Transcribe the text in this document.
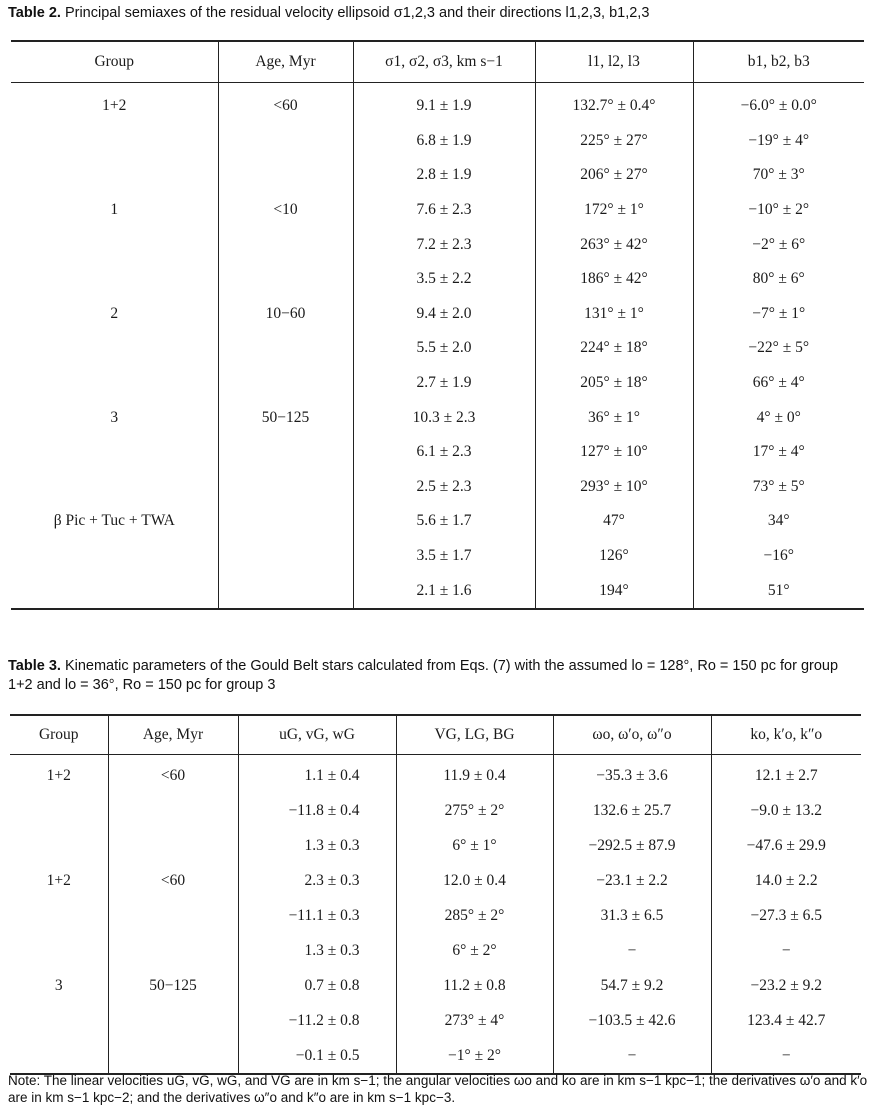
Table 2. Principal semiaxes of the residual velocity ellipsoid σ1,2,3 and their directions l1,2,3, b1,2,3
Group	Age, Myr	σ1, σ2, σ3, km s−1	l1, l2, l3	b1, b2, b3
1+2	<60	9.1 ± 1.9	132.7° ± 0.4°	−6.0° ± 0.0°
		6.8 ± 1.9	225° ± 27°	−19° ± 4°
		2.8 ± 1.9	206° ± 27°	70° ± 3°
1	<10	7.6 ± 2.3	172° ± 1°	−10° ± 2°
		7.2 ± 2.3	263° ± 42°	−2° ± 6°
		3.5 ± 2.2	186° ± 42°	80° ± 6°
2	10−60	9.4 ± 2.0	131° ± 1°	−7° ± 1°
		5.5 ± 2.0	224° ± 18°	−22° ± 5°
		2.7 ± 1.9	205° ± 18°	66° ± 4°
3	50−125	10.3 ± 2.3	36° ± 1°	4° ± 0°
		6.1 ± 2.3	127° ± 10°	17° ± 4°
		2.5 ± 2.3	293° ± 10°	73° ± 5°
β Pic + Tuc + TWA		5.6 ± 1.7	47°	34°
		3.5 ± 1.7	126°	−16°
		2.1 ± 1.6	194°	51°
Table 3. Kinematic parameters of the Gould Belt stars calculated from Eqs. (7) with the assumed lo = 128°, Ro = 150 pc for group 1+2 and lo = 36°, Ro = 150 pc for group 3
Group	Age, Myr	uG, vG, wG	VG, LG, BG	ωo, ω′o, ω″o	ko, k′o, k″o
1+2	<60	1.1 ± 0.4	11.9 ± 0.4	−35.3 ± 3.6	12.1 ± 2.7
		−11.8 ± 0.4	275° ± 2°	132.6 ± 25.7	−9.0 ± 13.2
		1.3 ± 0.3	6° ± 1°	−292.5 ± 87.9	−47.6 ± 29.9
1+2	<60	2.3 ± 0.3	12.0 ± 0.4	−23.1 ± 2.2	14.0 ± 2.2
		−11.1 ± 0.3	285° ± 2°	31.3 ± 6.5	−27.3 ± 6.5
		1.3 ± 0.3	6° ± 2°	−	−
3	50−125	0.7 ± 0.8	11.2 ± 0.8	54.7 ± 9.2	−23.2 ± 9.2
		−11.2 ± 0.8	273° ± 4°	−103.5 ± 42.6	123.4 ± 42.7
		−0.1 ± 0.5	−1° ± 2°	−	−
Note: The linear velocities uG, vG, wG, and VG are in km s−1; the angular velocities ωo and ko are in km s−1 kpc−1; the derivatives ω′o and k′o are in km s−1 kpc−2; and the derivatives ω″o and k″o are in km s−1 kpc−3.
